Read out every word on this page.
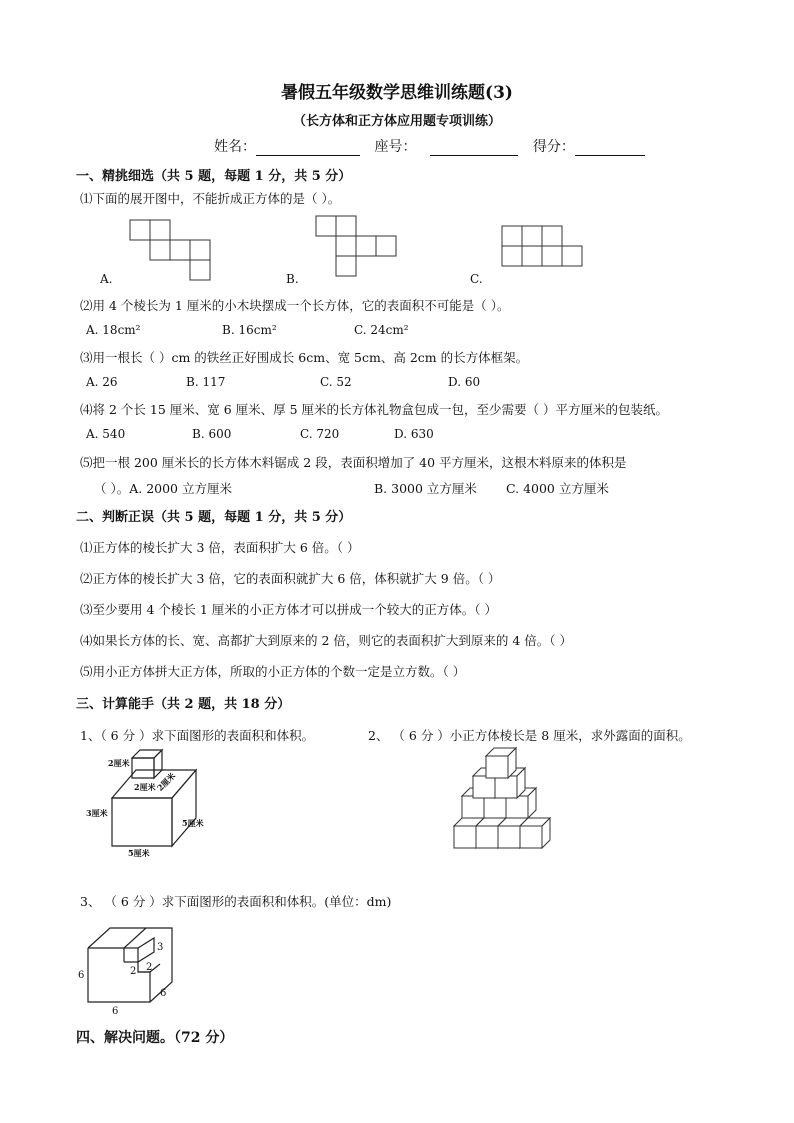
暑假五年级数学思维训练题(3)
（长方体和正方体应用题专项训练）
姓名：	座号：	得分：
一、精挑细选（共 5 题，每题 1 分，共 5 分）
⑴下面的展开图中，不能折成正方体的是（ ）。
A.	B.	C.
⑵用 4 个棱长为 1 厘米的小木块摆成一个长方体，它的表面积不可能是（ ）。
A. 18cm²	B. 16cm²	C. 24cm²
⑶用一根长（ ）cm 的铁丝正好围成长 6cm、宽 5cm、高 2cm 的长方体框架。
A. 26	B. 117	C. 52	D. 60
⑷将 2 个长 15 厘米、宽 6 厘米、厚 5 厘米的长方体礼物盒包成一包，至少需要（ ）平方厘米的包装纸。
A. 540	B. 600	C. 720	D. 630
⑸把一根 200 厘米长的长方体木料锯成 2 段，表面积增加了 40 平方厘米，这根木料原来的体积是
（ ）。A. 2000 立方厘米	B. 3000 立方厘米 C. 4000 立方厘米
二、判断正误（共 5 题，每题 1 分，共 5 分）
⑴正方体的棱长扩大 3 倍，表面积扩大 6 倍。（ ）
⑵正方体的棱长扩大 3 倍，它的表面积就扩大 6 倍，体积就扩大 9 倍。（ ）
⑶至少要用 4 个棱长 1 厘米的小正方体才可以拼成一个较大的正方体。（ ）
⑷如果长方体的长、宽、高都扩大到原来的 2 倍，则它的表面积扩大到原来的 4 倍。（ ）
⑸用小正方体拼大正方体，所取的小正方体的个数一定是立方数。（ ）
三、计算能手（共 2 题，共 18 分）
1、（ 6 分 ）求下面图形的表面积和体积。	2、 （ 6 分 ）小正方体棱长是 8 厘米，求外露面的面积。
2厘米
2厘米
2厘米
3厘米
5厘米
5厘米
3、 （ 6 分 ）求下面图形的表面积和体积。(单位：dm)
6
6
2
3
2
6
四、解决问题。（72 分）
